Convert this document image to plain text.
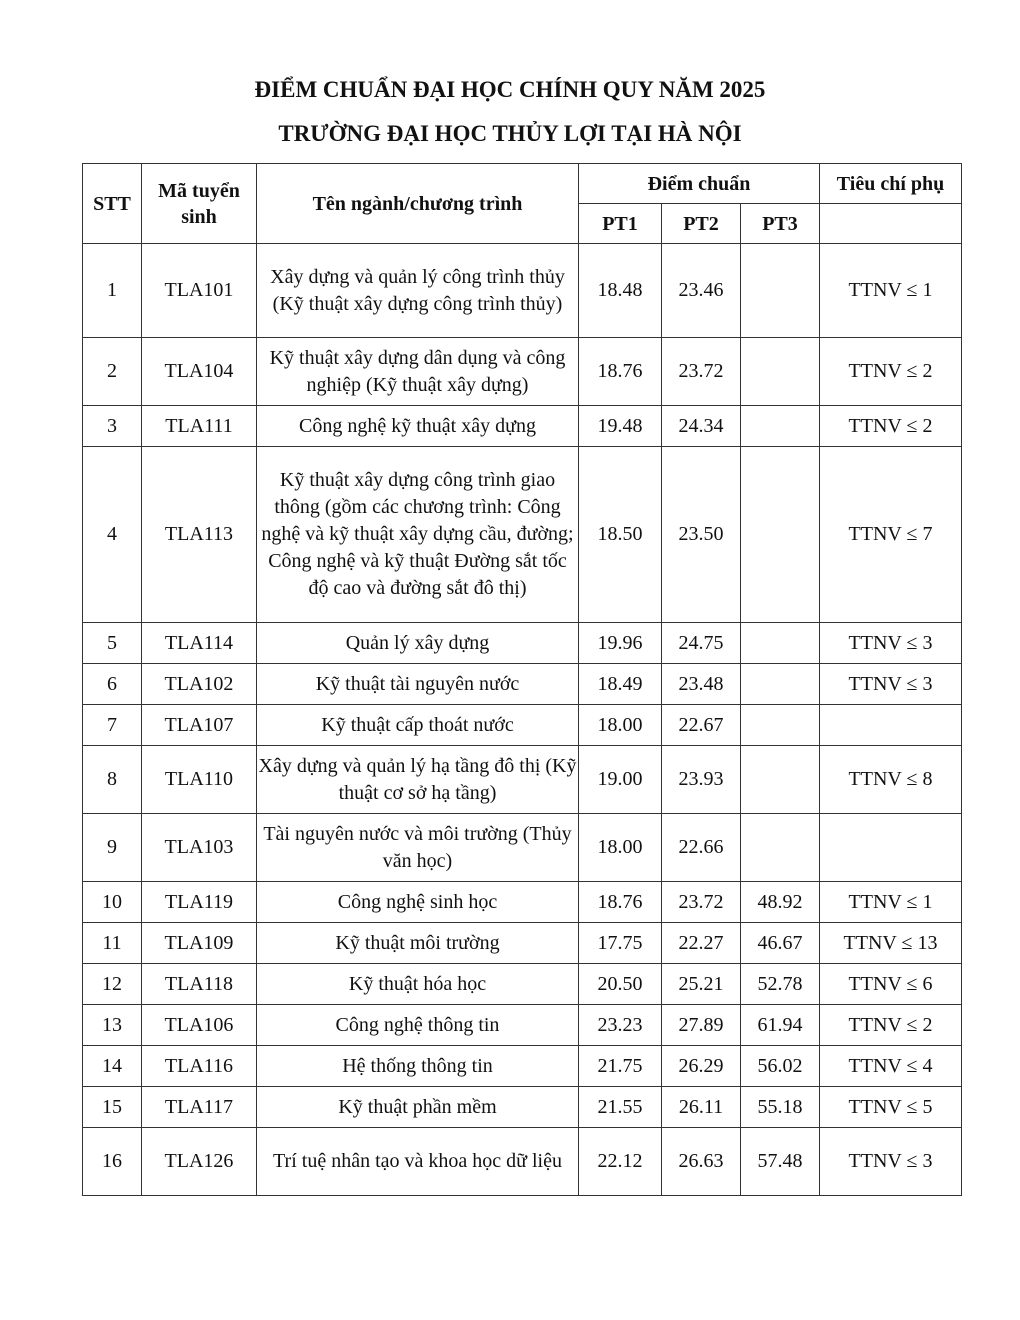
ĐIỂM CHUẨN ĐẠI HỌC CHÍNH QUY NĂM 2025
TRƯỜNG ĐẠI HỌC THỦY LỢI TẠI HÀ NỘI
STT	Mã tuyển sinh	Tên ngành/chương trình	Điểm chuẩn			Tiêu chí phụ
			PT1	PT2	PT3	
1	TLA101	Xây dựng và quản lý công trình thủy (Kỹ thuật xây dựng công trình thủy)	18.48	23.46		TTNV ≤ 1
2	TLA104	Kỹ thuật xây dựng dân dụng và công nghiệp (Kỹ thuật xây dựng)	18.76	23.72		TTNV ≤ 2
3	TLA111	Công nghệ kỹ thuật xây dựng	19.48	24.34		TTNV ≤ 2
4	TLA113	Kỹ thuật xây dựng công trình giao thông (gồm các chương trình: Công nghệ và kỹ thuật xây dựng cầu, đường; Công nghệ và kỹ thuật Đường sắt tốc độ cao và đường sắt đô thị)	18.50	23.50		TTNV ≤ 7
5	TLA114	Quản lý xây dựng	19.96	24.75		TTNV ≤ 3
6	TLA102	Kỹ thuật tài nguyên nước	18.49	23.48		TTNV ≤ 3
7	TLA107	Kỹ thuật cấp thoát nước	18.00	22.67		
8	TLA110	Xây dựng và quản lý hạ tầng đô thị (Kỹ thuật cơ sở hạ tầng)	19.00	23.93		TTNV ≤ 8
9	TLA103	Tài nguyên nước và môi trường (Thủy văn học)	18.00	22.66		
10	TLA119	Công nghệ sinh học	18.76	23.72	48.92	TTNV ≤ 1
11	TLA109	Kỹ thuật môi trường	17.75	22.27	46.67	TTNV ≤ 13
12	TLA118	Kỹ thuật hóa học	20.50	25.21	52.78	TTNV ≤ 6
13	TLA106	Công nghệ thông tin	23.23	27.89	61.94	TTNV ≤ 2
14	TLA116	Hệ thống thông tin	21.75	26.29	56.02	TTNV ≤ 4
15	TLA117	Kỹ thuật phần mềm	21.55	26.11	55.18	TTNV ≤ 5
16	TLA126	Trí tuệ nhân tạo và khoa học dữ liệu	22.12	26.63	57.48	TTNV ≤ 3
